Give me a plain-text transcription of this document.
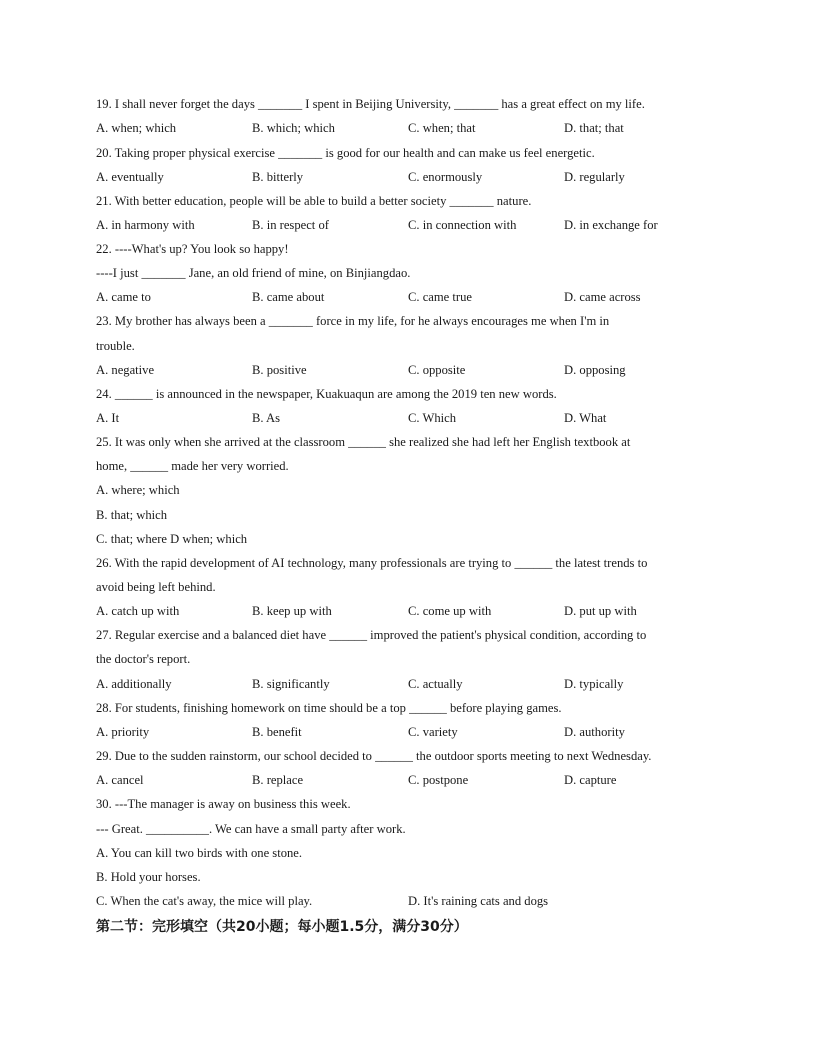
19. I shall never forget the days _______ I spent in Beijing University, _______ has a great effect on my life.
A. when; which	B. which; which	C. when; that	D. that; that
20. Taking proper physical exercise _______ is good for our health and can make us feel energetic.
A. eventually	B. bitterly	C. enormously	D. regularly
21. With better education, people will be able to build a better society _______ nature.
A. in harmony with	B. in respect of	C. in connection with	D. in exchange for
22. ----What's up? You look so happy!
----I just _______ Jane, an old friend of mine, on Binjiangdao.
A. came to	B. came about	C. came true	D. came across
23. My brother has always been a _______ force in my life, for he always encourages me when I'm in
trouble.
A. negative	B. positive	C. opposite	D. opposing
24. ______ is announced in the newspaper, Kuakuaqun are among the 2019 ten new words.
A. It	B. As	C. Which	D. What
25. It was only when she arrived at the classroom ______ she realized she had left her English textbook at
home, ______ made her very worried.
A. where; which
B. that; which
C. that; where D when; which
26. With the rapid development of AI technology, many professionals are trying to ______ the latest trends to
avoid being left behind.
A. catch up with	B. keep up with	C. come up with	D. put up with
27. Regular exercise and a balanced diet have ______ improved the patient's physical condition, according to
the doctor's report.
A. additionally	B. significantly	C. actually	D. typically
28. For students, finishing homework on time should be a top ______ before playing games.
A. priority	B. benefit	C. variety	D. authority
29. Due to the sudden rainstorm, our school decided to ______ the outdoor sports meeting to next Wednesday.
A. cancel	B. replace	C. postpone	D. capture
30. ---The manager is away on business this week.
--- Great. __________. We can have a small party after work.
A. You can kill two birds with one stone.
B. Hold your horses.
C. When the cat's away, the mice will play.	D. It's raining cats and dogs
第二节：完形填空（共20小题；每小题1.5分，满分30分）
